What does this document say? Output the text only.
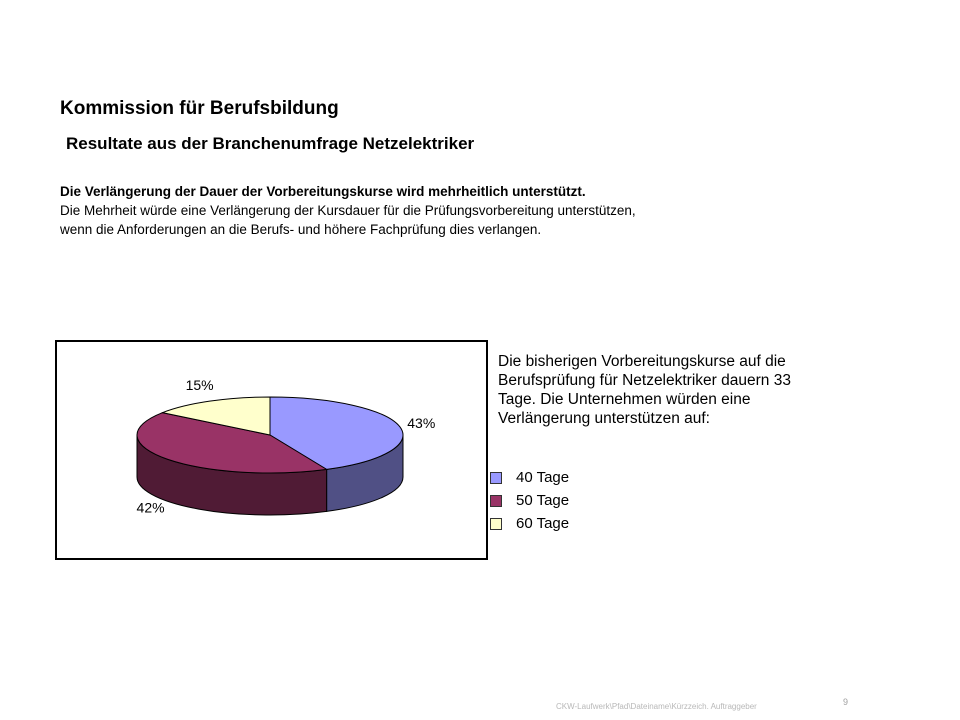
Kommission für Berufsbildung
Resultate aus der Branchenumfrage Netzelektriker
Die Verlängerung der Dauer der Vorbereitungskurse wird mehrheitlich unterstützt.
Die Mehrheit würde eine Verlängerung der Kursdauer für die Prüfungsvorbereitung unterstützen,
wenn die Anforderungen an die Berufs- und höhere Fachprüfung dies verlangen.
43%
42%
15%
Die bisherigen Vorbereitungskurse auf die Berufsprüfung für Netzelektriker dauern 33 Tage. Die Unternehmen würden eine Verlängerung unterstützen auf:
40 Tage
50 Tage
60 Tage
CKW-Laufwerk\Pfad\Dateiname\Kürzzeich. Auftraggeber	9
